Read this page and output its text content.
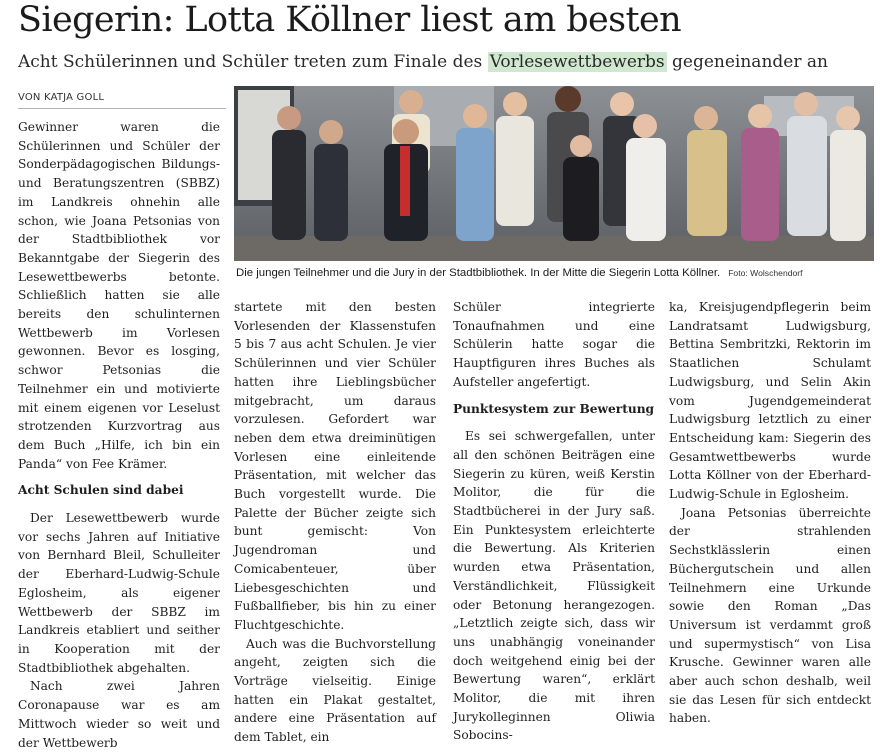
Siegerin: Lotta Köllner liest am besten
Acht Schülerinnen und Schüler treten zum Finale des Vorlesewettbewerbs gegeneinander an
VON KATJA GOLL
Die jungen Teilnehmer und die Jury in der Stadtbibliothek. In der Mitte die Siegerin Lotta Köllner. Foto: Wolschendorf

Gewinner waren die Schülerinnen und Schüler der Sonderpädagogischen Bildungs- und Beratungszentren (SBBZ) im Landkreis ohnehin alle schon, wie Joana Petsonias von der Stadtbibliothek vor Bekanntgabe der Siegerin des Lesewettbewerbs betonte. Schließlich hatten sie alle bereits den schulinternen Wettbewerb im Vorlesen gewonnen. Bevor es losging, schwor Petsonias die Teilnehmer ein und motivierte mit einem eigenen vor Leselust strotzenden Kurzvortrag aus dem Buch „Hilfe, ich bin ein Panda“ von Fee Krämer.

Acht Schulen sind dabei

Der Lesewettbewerb wurde vor sechs Jahren auf Initiative von Bernhard Bleil, Schulleiter der Eberhard-Ludwig-Schule Eglosheim, als eigener Wettbewerb der SBBZ im Landkreis etabliert und seither in Kooperation mit der Stadtbibliothek abgehalten.

Nach zwei Jahren Coronapause war es am Mittwoch wieder so weit und der Wettbewerb

startete mit den besten Vorlesenden der Klassenstufen 5 bis 7 aus acht Schulen. Je vier Schülerinnen und vier Schüler hatten ihre Lieblingsbücher mitgebracht, um daraus vorzulesen. Gefordert war neben dem etwa dreiminütigen Vorlesen eine einleitende Präsentation, mit welcher das Buch vorgestellt wurde. Die Palette der Bücher zeigte sich bunt gemischt: Von Jugendroman und Comicabenteuer, über Liebesgeschichten und Fußballfieber, bis hin zu einer Fluchtgeschichte.

Auch was die Buchvorstellung angeht, zeigten sich die Vorträge vielseitig. Einige hatten ein Plakat gestaltet, andere eine Präsentation auf dem Tablet, ein

Schüler integrierte Tonaufnahmen und eine Schülerin hatte sogar die Hauptfiguren ihres Buches als Aufsteller angefertigt.

Punktesystem zur Bewertung

Es sei schwergefallen, unter all den schönen Beiträgen eine Siegerin zu küren, weiß Kerstin Molitor, die für die Stadtbücherei in der Jury saß. Ein Punktesystem erleichterte die Bewertung. Als Kriterien wurden etwa Präsentation, Verständlichkeit, Flüssigkeit oder Betonung herangezogen. „Letztlich zeigte sich, dass wir uns unabhängig voneinander doch weitgehend einig bei der Bewertung waren“, erklärt Molitor, die mit ihren Jurykolleginnen Oliwia Sobocins-

ka, Kreisjugendpflegerin beim Landratsamt Ludwigsburg, Bettina Sembritzki, Rektorin im Staatlichen Schulamt Ludwigsburg, und Selin Akin vom Jugendgemeinderat Ludwigsburg letztlich zu einer Entscheidung kam: Siegerin des Gesamtwettbewerbs wurde Lotta Köllner von der Eberhard-Ludwig-Schule in Eglosheim.

Joana Petsonias überreichte der strahlenden Sechstklässlerin einen Büchergutschein und allen Teilnehmern eine Urkunde sowie den Roman „Das Universum ist verdammt groß und supermystisch“ von Lisa Krusche. Gewinner waren alle aber auch schon deshalb, weil sie das Lesen für sich entdeckt haben.
